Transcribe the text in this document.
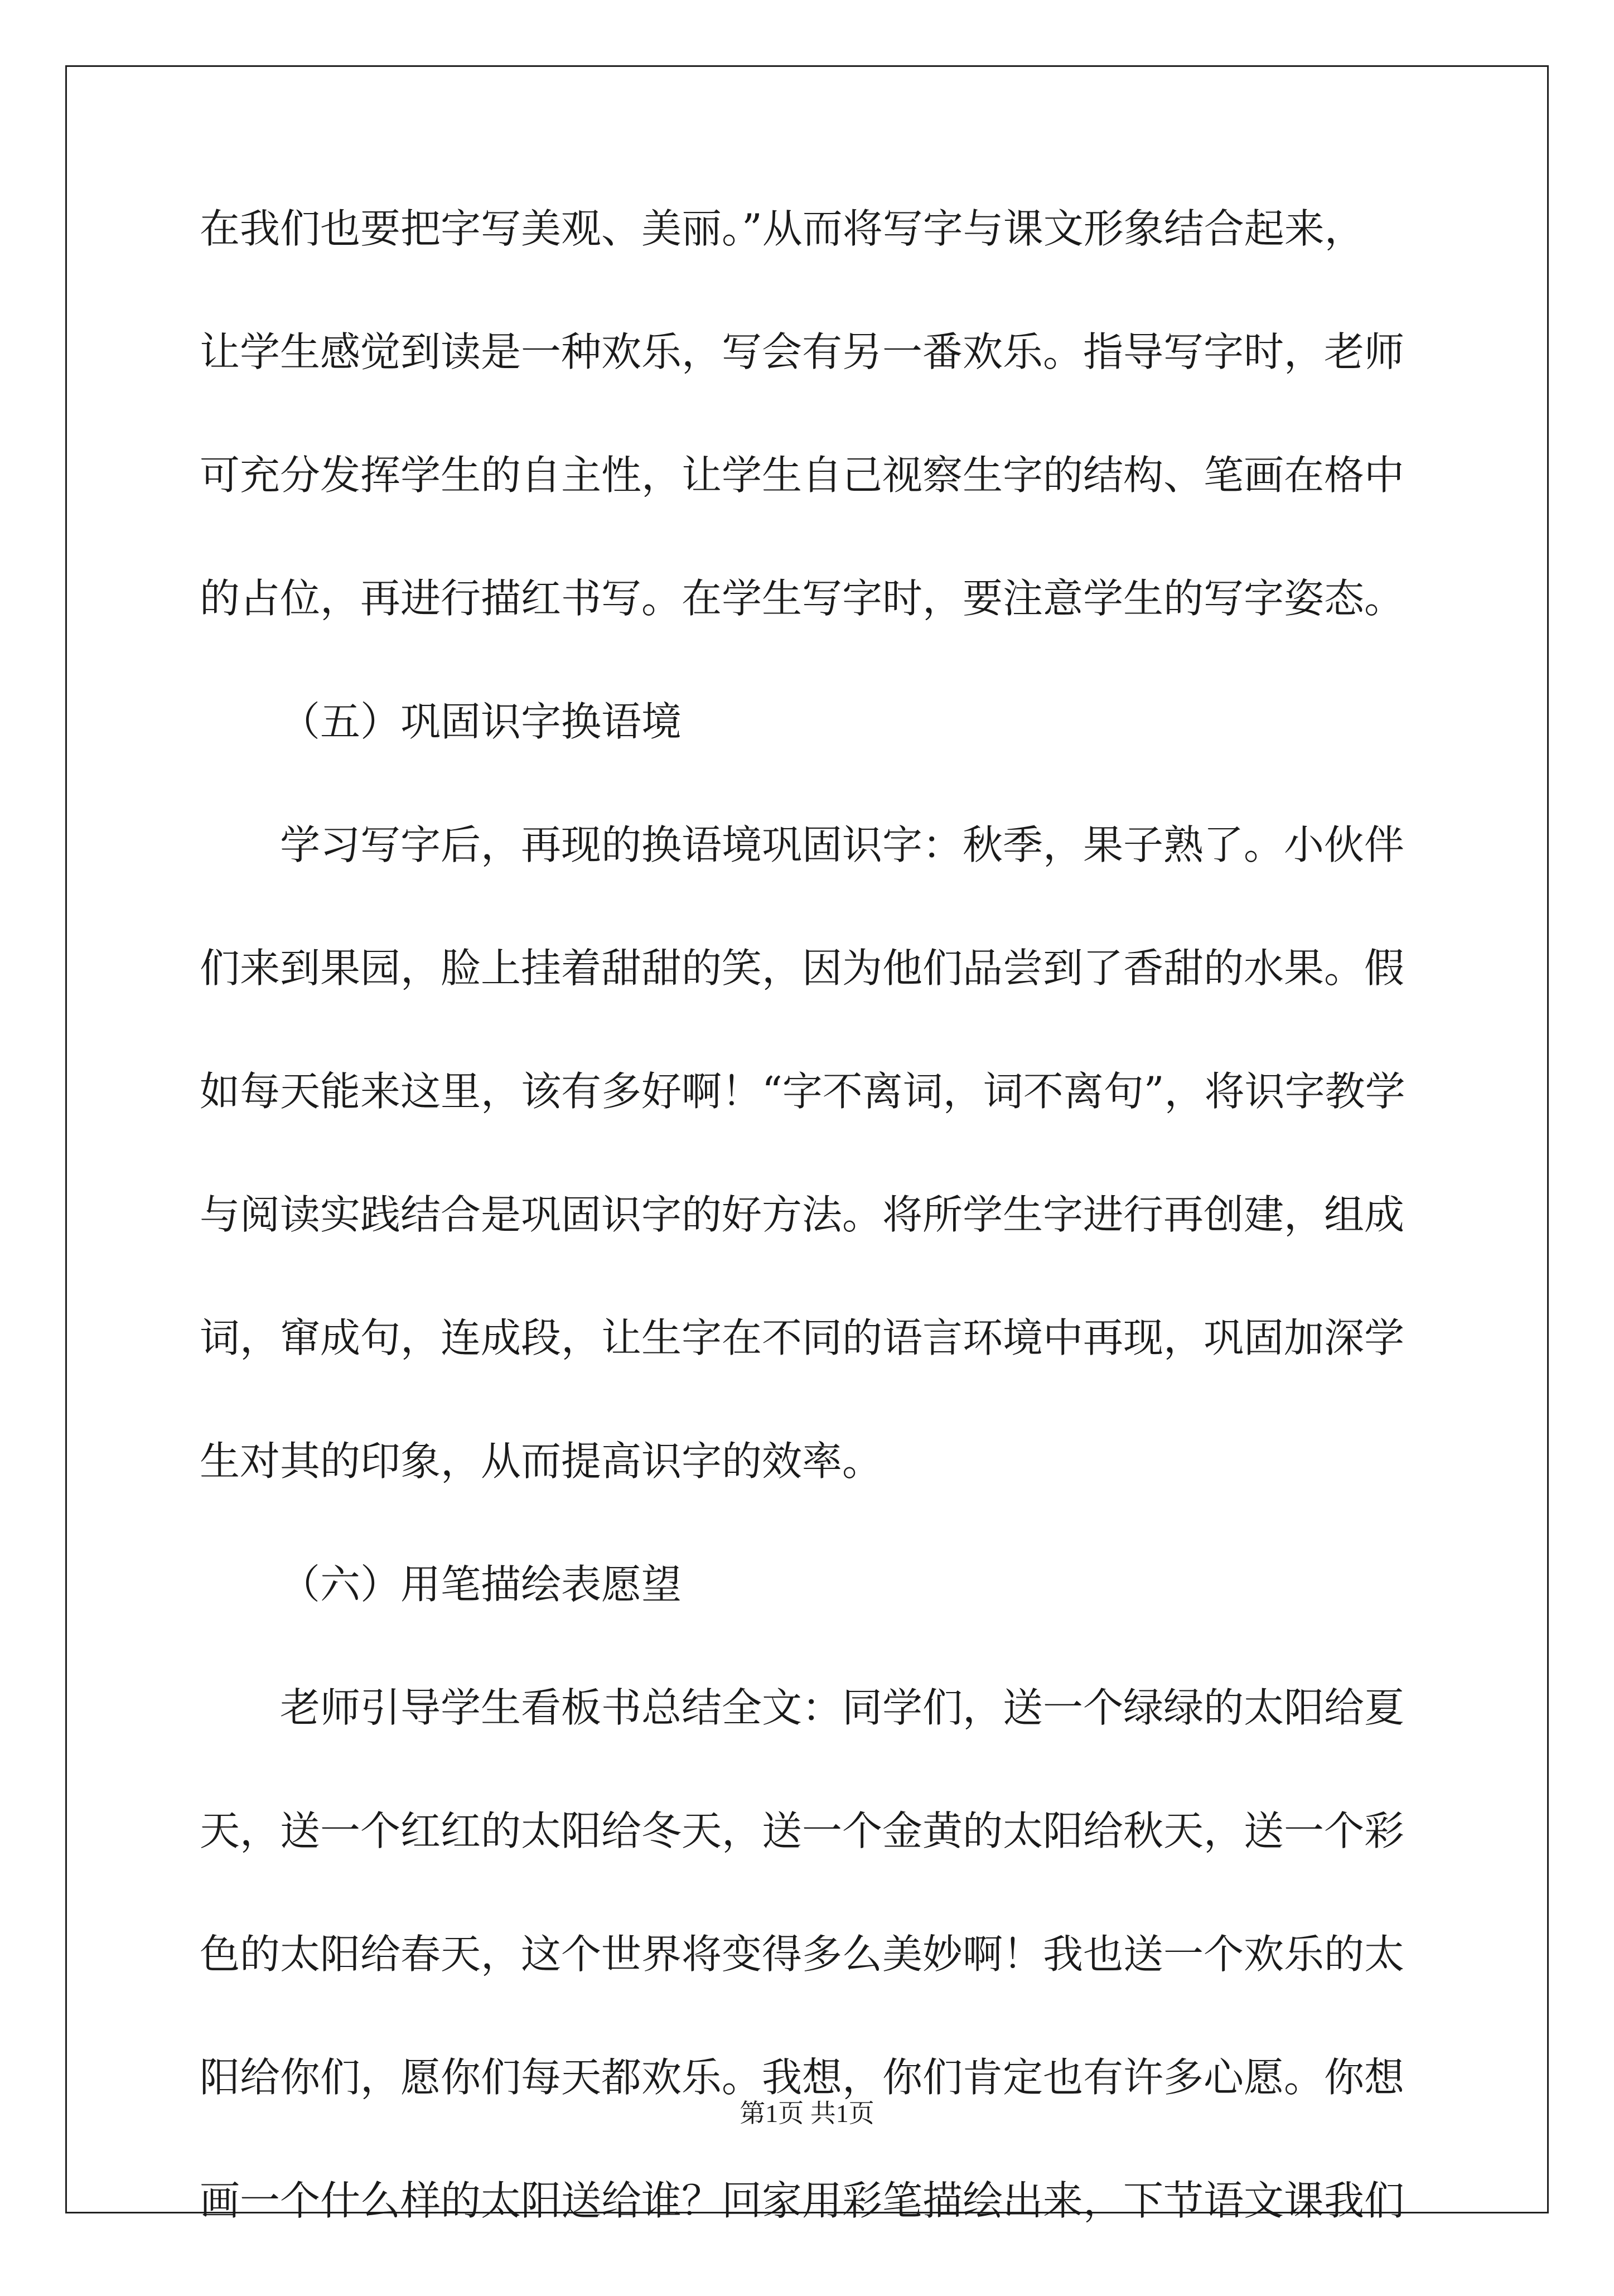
在我们也要把字写美观、美丽。”从而将写字与课文形象结合起来，
让学生感觉到读是一种欢乐，写会有另一番欢乐。指导写字时，老师
可充分发挥学生的自主性，让学生自己视察生字的结构、笔画在格中
的占位，再进行描红书写。在学生写字时，要注意学生的写字姿态。
（五）巩固识字换语境
学习写字后，再现的换语境巩固识字：秋季，果子熟了。小伙伴
们来到果园，脸上挂着甜甜的笑，因为他们品尝到了香甜的水果。假
如每天能来这里，该有多好啊！“字不离词，词不离句”，将识字教学
与阅读实践结合是巩固识字的好方法。将所学生字进行再创建，组成
词，窜成句，连成段，让生字在不同的语言环境中再现，巩固加深学
生对其的印象，从而提高识字的效率。
（六）用笔描绘表愿望
老师引导学生看板书总结全文：同学们，送一个绿绿的太阳给夏
天，送一个红红的太阳给冬天，送一个金黄的太阳给秋天，送一个彩
色的太阳给春天，这个世界将变得多么美妙啊！我也送一个欢乐的太
阳给你们，愿你们每天都欢乐。我想，你们肯定也有许多心愿。你想
画一个什么样的太阳送给谁？回家用彩笔描绘出来，下节语文课我们
第1页 共1页
